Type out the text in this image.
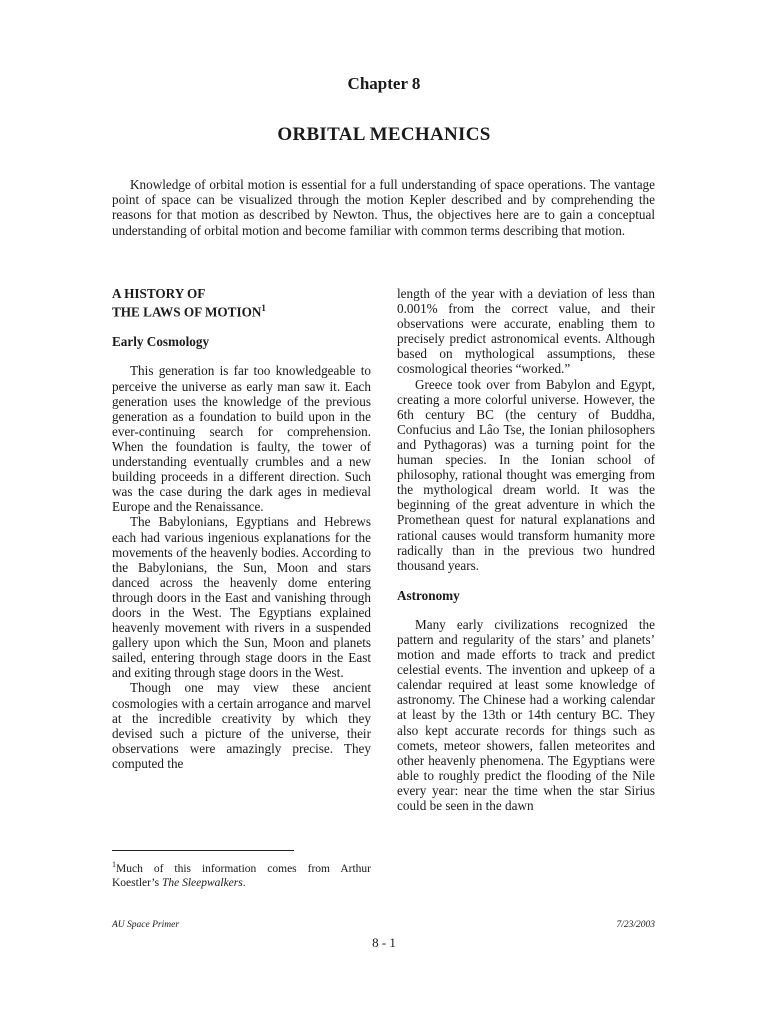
Chapter 8
ORBITAL MECHANICS

Knowledge of orbital motion is essential for a full understanding of space operations. The vantage point of space can be visualized through the motion Kepler described and by comprehending the reasons for that motion as described by Newton. Thus, the objectives here are to gain a conceptual understanding of orbital motion and become familiar with common terms describing that motion.

A HISTORY OF

THE LAWS OF MOTION$^1$

Early Cosmology

This generation is far too knowledgeable to perceive the universe as early man saw it. Each generation uses the knowledge of the previous generation as a foundation to build upon in the ever-continuing search for comprehension. When the foundation is faulty, the tower of understanding eventually crumbles and a new building proceeds in a different direction. Such was the case during the dark ages in medieval Europe and the Renaissance.

The Babylonians, Egyptians and Hebrews each had various ingenious explanations for the movements of the heavenly bodies. According to the Babylonians, the Sun, Moon and stars danced across the heavenly dome entering through doors in the East and vanishing through doors in the West. The Egyptians explained heavenly movement with rivers in a suspended gallery upon which the Sun, Moon and planets sailed, entering through stage doors in the East and exiting through stage doors in the West.

Though one may view these ancient cosmologies with a certain arrogance and marvel at the incredible creativity by which they devised such a picture of the universe, their observations were amazingly precise. They computed the

length of the year with a deviation of less than 0.001% from the correct value, and their observations were accurate, enabling them to precisely predict astronomical events. Although based on mythological assumptions, these cosmological theories “worked.”

Greece took over from Babylon and Egypt, creating a more colorful universe. However, the 6th century BC (the century of Buddha, Confucius and Lâo Tse, the Ionian philosophers and Pythagoras) was a turning point for the human species. In the Ionian school of philosophy, rational thought was emerging from the mythological dream world. It was the beginning of the great adventure in which the Promethean quest for natural explanations and rational causes would transform humanity more radically than in the previous two hundred thousand years.

Astronomy

Many early civilizations recognized the pattern and regularity of the stars’ and planets’ motion and made efforts to track and predict celestial events. The invention and upkeep of a calendar required at least some knowledge of astronomy. The Chinese had a working calendar at least by the 13th or 14th century BC. They also kept accurate records for things such as comets, meteor showers, fallen meteorites and other heavenly phenomena. The Egyptians were able to roughly predict the flooding of the Nile every year: near the time when the star Sirius could be seen in the dawn

$^1$Much of this information comes from Arthur Koestler’s The Sleepwalkers.

AU Space Primer	7/23/2003
8 - 1
